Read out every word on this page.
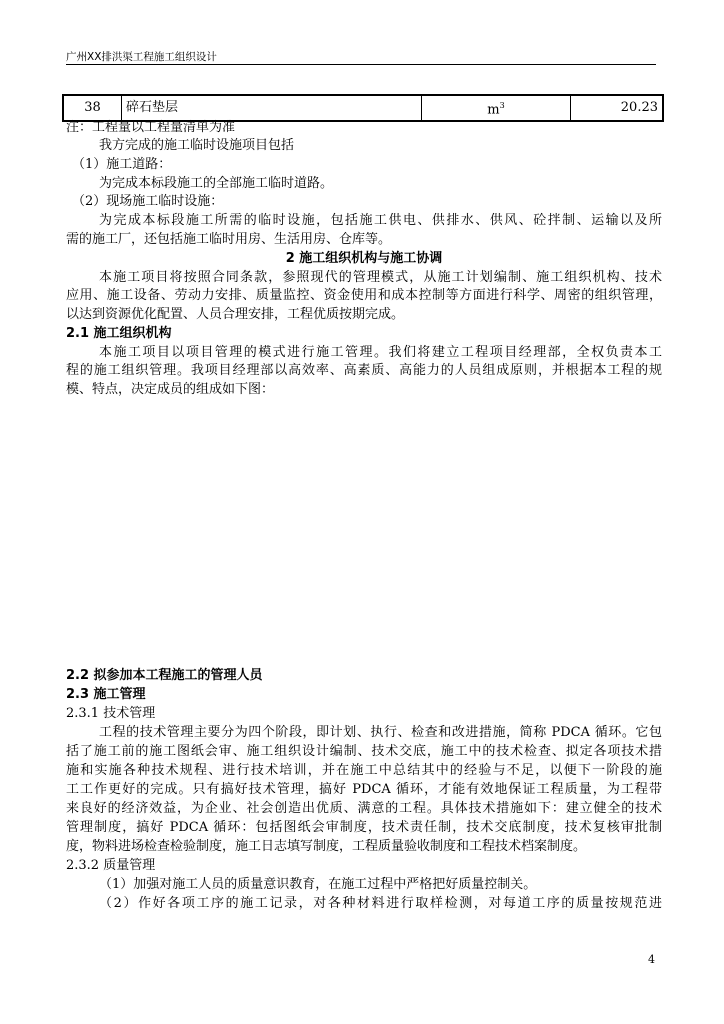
广州XX排洪渠工程施工组织设计
38	碎石垫层	$m^3$	20.23
注：工程量以工程量清单为准
我方完成的施工临时设施项目包括
（1）施工道路：
为完成本标段施工的全部施工临时道路。
（2）现场施工临时设施：
为完成本标段施工所需的临时设施，包括施工供电、供排水、供风、砼拌制、运输以及所
需的施工厂，还包括施工临时用房、生活用房、仓库等。
2 施工组织机构与施工协调
本施工项目将按照合同条款，参照现代的管理模式，从施工计划编制、施工组织机构、技术
应用、施工设备、劳动力安排、质量监控、资金使用和成本控制等方面进行科学、周密的组织管理，
以达到资源优化配置、人员合理安排，工程优质按期完成。
2.1 施工组织机构
本施工项目以项目管理的模式进行施工管理。我们将建立工程项目经理部，全权负责本工
程的施工组织管理。我项目经理部以高效率、高素质、高能力的人员组成原则，并根据本工程的规
模、特点，决定成员的组成如下图：
2.2 拟参加本工程施工的管理人员
2.3 施工管理
2.3.1 技术管理
工程的技术管理主要分为四个阶段，即计划、执行、检查和改进措施，简称 PDCA 循环。它包
括了施工前的施工图纸会审、施工组织设计编制、技术交底，施工中的技术检查、拟定各项技术措
施和实施各种技术规程、进行技术培训，并在施工中总结其中的经验与不足，以便下一阶段的施
工工作更好的完成。只有搞好技术管理，搞好 PDCA 循环，才能有效地保证工程质量，为工程带
来良好的经济效益，为企业、社会创造出优质、满意的工程。具体技术措施如下：建立健全的技术
管理制度，搞好 PDCA 循环：包括图纸会审制度，技术责任制，技术交底制度，技术复核审批制
度，物料进场检查检验制度，施工日志填写制度，工程质量验收制度和工程技术档案制度。
2.3.2 质量管理
（1）加强对施工人员的质量意识教育，在施工过程中严格把好质量控制关。
（2）作好各项工序的施工记录，对各种材料进行取样检测，对每道工序的质量按规范进
4
